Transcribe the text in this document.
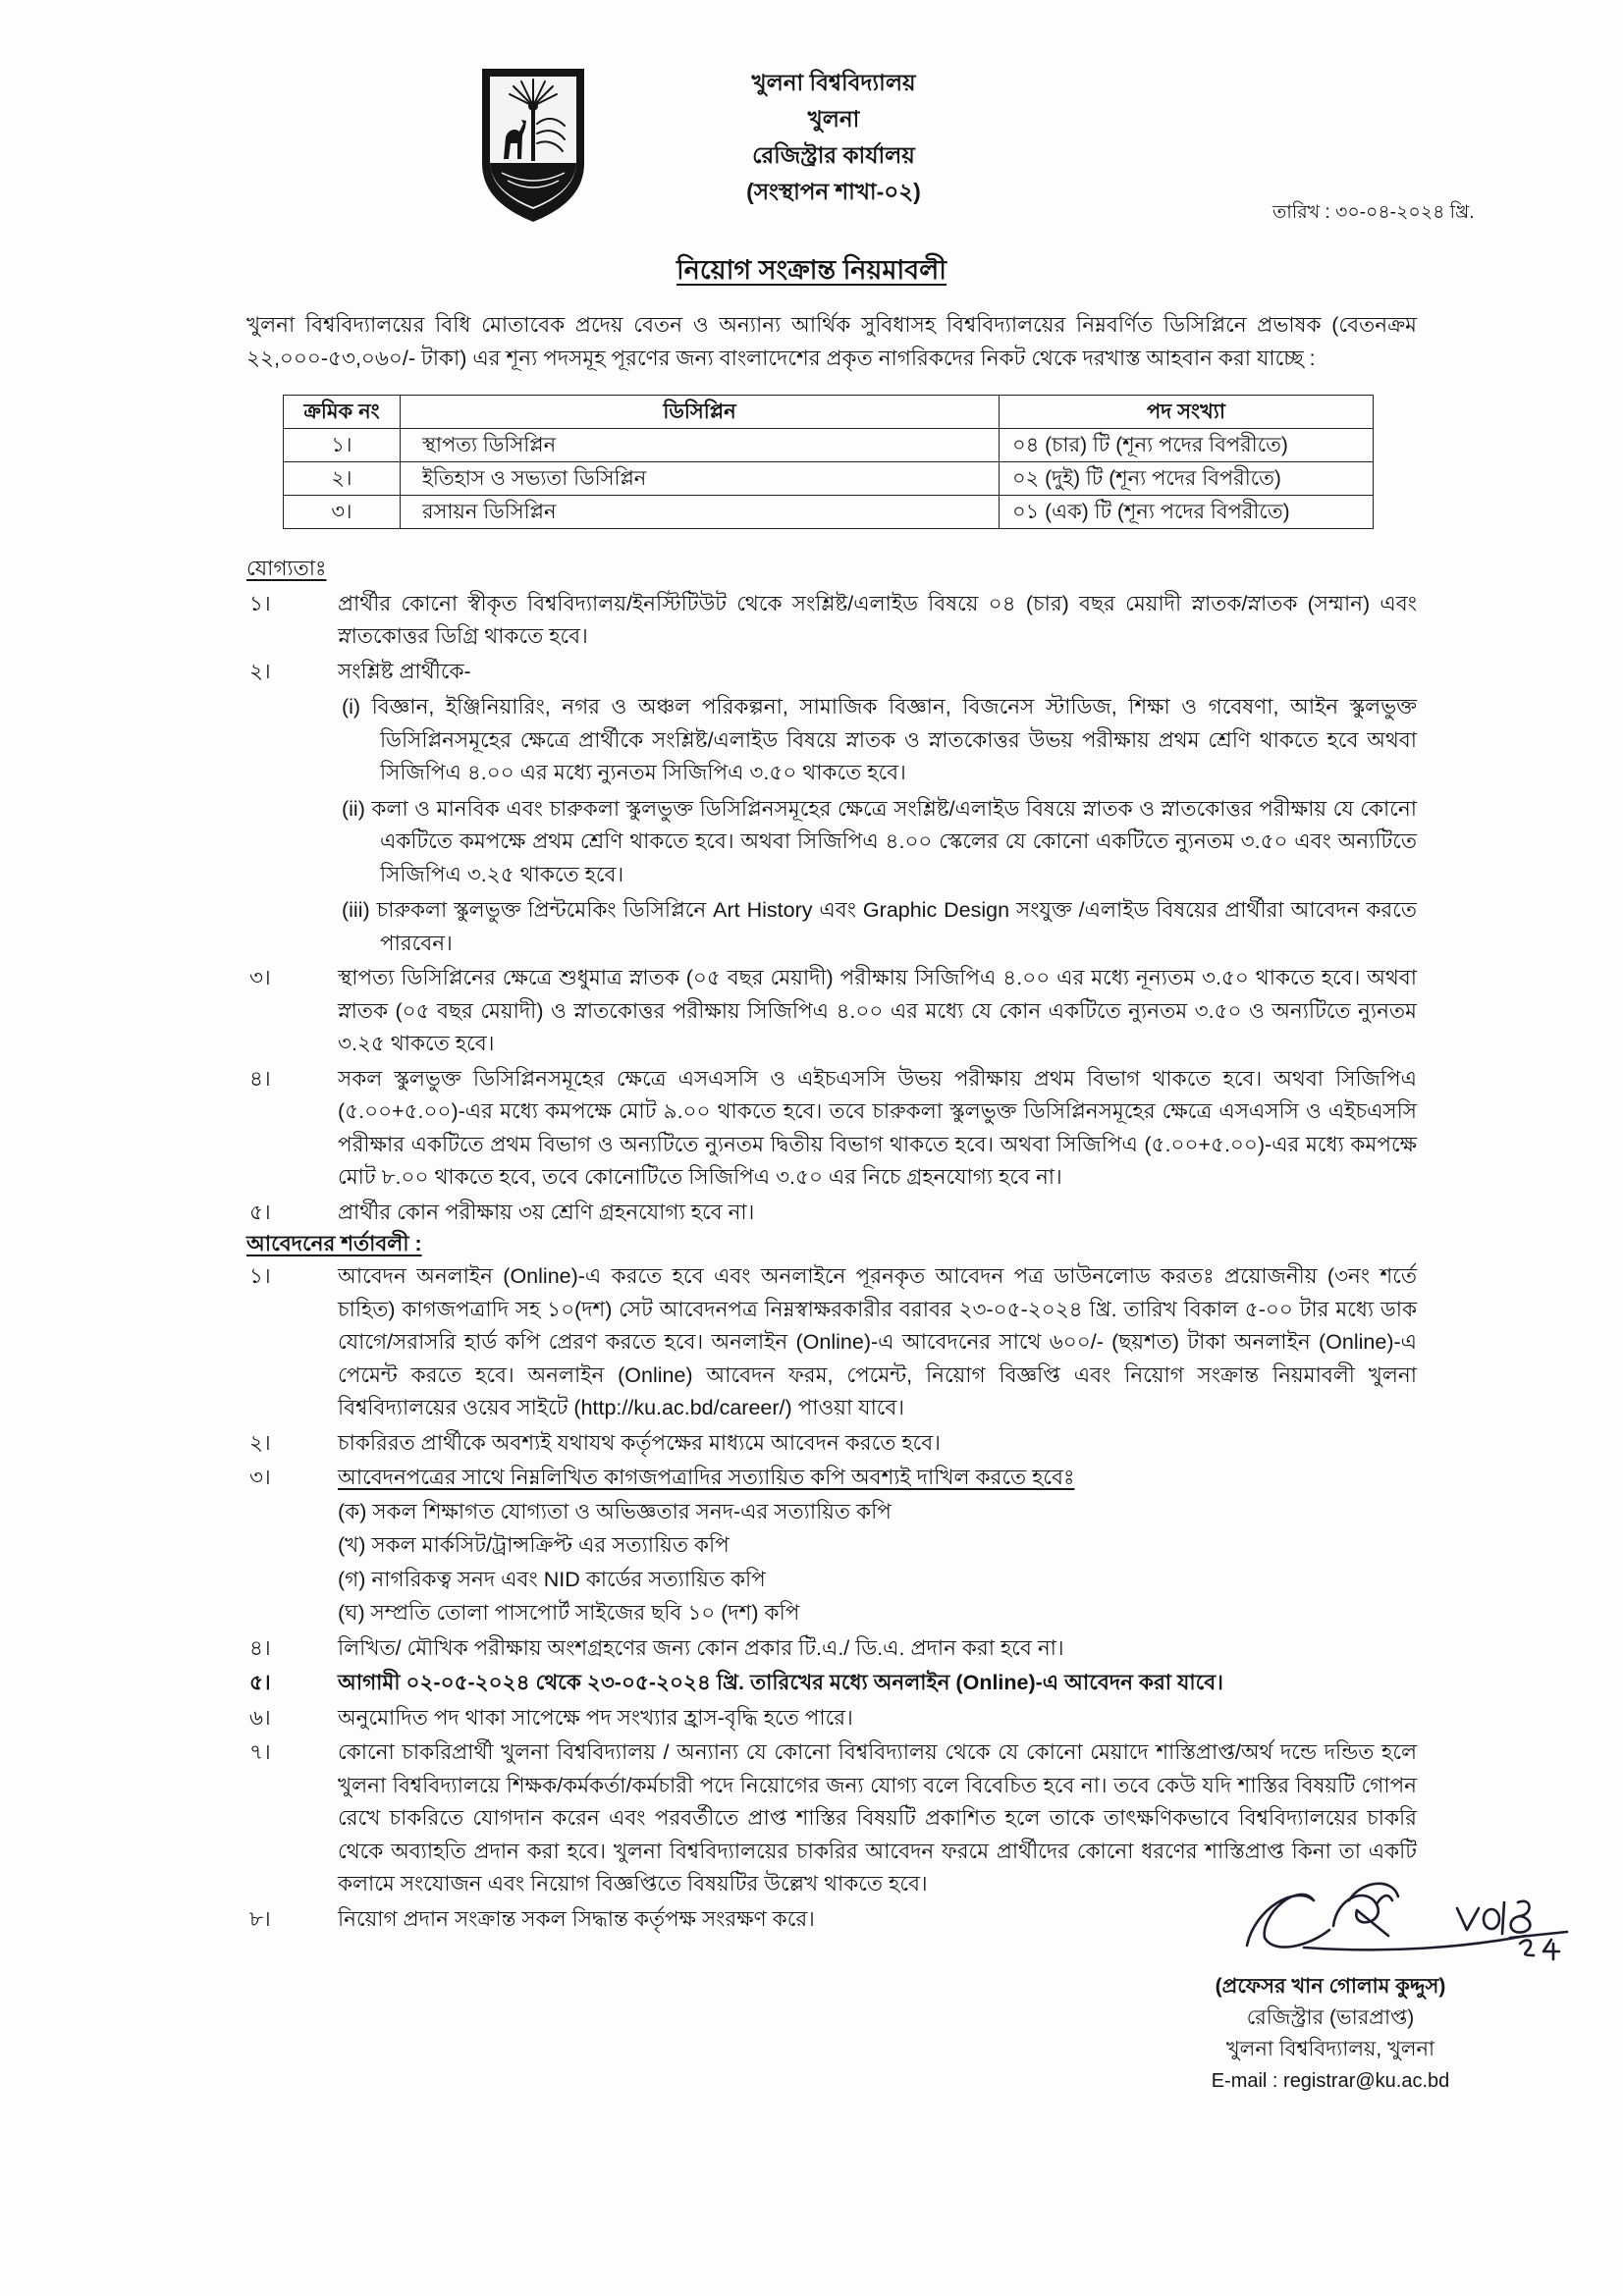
খুলনা বিশ্ববিদ্যালয়
খুলনা
রেজিস্ট্রার কার্যালয়
(সংস্থাপন শাখা-০২)
তারিখ : ৩০-০৪-২০২৪ খ্রি.
নিয়োগ সংক্রান্ত নিয়মাবলী

খুলনা বিশ্ববিদ্যালয়ের বিধি মোতাবেক প্রদেয় বেতন ও অন্যান্য আর্থিক সুবিধাসহ বিশ্ববিদ্যালয়ের নিম্নবর্ণিত ডিসিপ্লিনে প্রভাষক (বেতনক্রম ২২,০০০-৫৩,০৬০/- টাকা) এর শূন্য পদসমূহ পূরণের জন্য বাংলাদেশের প্রকৃত নাগরিকদের নিকট থেকে দরখাস্ত আহবান করা যাচ্ছে :

ক্রমিক নং	ডিসিপ্লিন	পদ সংখ্যা
১।	স্থাপত্য ডিসিপ্লিন	০৪ (চার) টি (শূন্য পদের বিপরীতে)
২।	ইতিহাস ও সভ্যতা ডিসিপ্লিন	০২ (দুই) টি (শূন্য পদের বিপরীতে)
৩।	রসায়ন ডিসিপ্লিন	০১ (এক) টি (শূন্য পদের বিপরীতে)
যোগ্যতাঃ
১।	প্রার্থীর কোনো স্বীকৃত বিশ্ববিদ্যালয়/ইনস্টিটিউট থেকে সংশ্লিষ্ট/এলাইড বিষয়ে ০৪ (চার) বছর মেয়াদী স্নাতক/স্নাতক (সম্মান) এবং স্নাতকোত্তর ডিগ্রি থাকতে হবে।
২।	সংশ্লিষ্ট প্রার্থীকে-
(i) বিজ্ঞান, ইঞ্জিনিয়ারিং, নগর ও অঞ্চল পরিকল্পনা, সামাজিক বিজ্ঞান, বিজনেস স্টাডিজ, শিক্ষা ও গবেষণা, আইন স্কুলভুক্ত ডিসিপ্লিনসমূহের ক্ষেত্রে প্রার্থীকে সংশ্লিষ্ট/এলাইড বিষয়ে স্নাতক ও স্নাতকোত্তর উভয় পরীক্ষায় প্রথম শ্রেণি থাকতে হবে অথবা সিজিপিএ ৪.০০ এর মধ্যে ন্যুনতম সিজিপিএ ৩.৫০ থাকতে হবে।
(ii) কলা ও মানবিক এবং চারুকলা স্কুলভুক্ত ডিসিপ্লিনসমূহের ক্ষেত্রে সংশ্লিষ্ট/এলাইড বিষয়ে স্নাতক ও স্নাতকোত্তর পরীক্ষায় যে কোনো একটিতে কমপক্ষে প্রথম শ্রেণি থাকতে হবে। অথবা সিজিপিএ ৪.০০ স্কেলের যে কোনো একটিতে ন্যুনতম ৩.৫০ এবং অন্যটিতে সিজিপিএ ৩.২৫ থাকতে হবে।
(iii) চারুকলা স্কুলভুক্ত প্রিন্টমেকিং ডিসিপ্লিনে Art History এবং Graphic Design সংযুক্ত /এলাইড বিষয়ের প্রার্থীরা আবেদন করতে পারবেন।
৩।	স্থাপত্য ডিসিপ্লিনের ক্ষেত্রে শুধুমাত্র স্নাতক (০৫ বছর মেয়াদী) পরীক্ষায় সিজিপিএ ৪.০০ এর মধ্যে নূন্যতম ৩.৫০ থাকতে হবে। অথবা স্নাতক (০৫ বছর মেয়াদী) ও স্নাতকোত্তর পরীক্ষায় সিজিপিএ ৪.০০ এর মধ্যে যে কোন একটিতে ন্যুনতম ৩.৫০ ও অন্যটিতে ন্যুনতম ৩.২৫ থাকতে হবে।
৪।	সকল স্কুলভুক্ত ডিসিপ্লিনসমূহের ক্ষেত্রে এসএসসি ও এইচএসসি উভয় পরীক্ষায় প্রথম বিভাগ থাকতে হবে। অথবা সিজিপিএ (৫.০০+৫.০০)-এর মধ্যে কমপক্ষে মোট ৯.০০ থাকতে হবে। তবে চারুকলা স্কুলভুক্ত ডিসিপ্লিনসমূহের ক্ষেত্রে এসএসসি ও এইচএসসি পরীক্ষার একটিতে প্রথম বিভাগ ও অন্যটিতে ন্যুনতম দ্বিতীয় বিভাগ থাকতে হবে। অথবা সিজিপিএ (৫.০০+৫.০০)-এর মধ্যে কমপক্ষে মোট ৮.০০ থাকতে হবে, তবে কোনোটিতে সিজিপিএ ৩.৫০ এর নিচে গ্রহনযোগ্য হবে না।
৫।	প্রার্থীর কোন পরীক্ষায় ৩য় শ্রেণি গ্রহনযোগ্য হবে না।
আবেদনের শর্তাবলী :
১।	আবেদন অনলাইন (Online)-এ করতে হবে এবং অনলাইনে পূরনকৃত আবেদন পত্র ডাউনলোড করতঃ প্রয়োজনীয় (৩নং শর্তে চাহিত) কাগজপত্রাদি সহ ১০(দশ) সেট আবেদনপত্র নিম্নস্বাক্ষরকারীর বরাবর ২৩-০৫-২০২৪ খ্রি. তারিখ বিকাল ৫-০০ টার মধ্যে ডাক যোগে/সরাসরি হার্ড কপি প্রেরণ করতে হবে। অনলাইন (Online)-এ আবেদনের সাথে ৬০০/- (ছয়শত) টাকা অনলাইন (Online)-এ পেমেন্ট করতে হবে। অনলাইন (Online) আবেদন ফরম, পেমেন্ট, নিয়োগ বিজ্ঞপ্তি এবং নিয়োগ সংক্রান্ত নিয়মাবলী খুলনা বিশ্ববিদ্যালয়ের ওয়েব সাইটে (http://ku.ac.bd/career/) পাওয়া যাবে।
২।	চাকরিরত প্রার্থীকে অবশ্যই যথাযথ কর্তৃপক্ষের মাধ্যমে আবেদন করতে হবে।
৩।	আবেদনপত্রের সাথে নিম্নলিখিত কাগজপত্রাদির সত্যায়িত কপি অবশ্যই দাখিল করতে হবেঃ
(ক) সকল শিক্ষাগত যোগ্যতা ও অভিজ্ঞতার সনদ-এর সত্যায়িত কপি
(খ) সকল মার্কসিট/ট্রান্সক্রিপ্ট এর সত্যায়িত কপি
(গ) নাগরিকত্ব সনদ এবং NID কার্ডের সত্যায়িত কপি
(ঘ) সম্প্রতি তোলা পাসপোর্ট সাইজের ছবি ১০ (দশ) কপি
৪।	লিখিত/ মৌখিক পরীক্ষায় অংশগ্রহণের জন্য কোন প্রকার টি.এ./ ডি.এ. প্রদান করা হবে না।
৫।	আগামী ০২-০৫-২০২৪ থেকে ২৩-০৫-২০২৪ খ্রি. তারিখের মধ্যে অনলাইন (Online)-এ আবেদন করা যাবে।
৬।	অনুমোদিত পদ থাকা সাপেক্ষে পদ সংখ্যার হ্রাস-বৃদ্ধি হতে পারে।
৭।	কোনো চাকরিপ্রার্থী খুলনা বিশ্ববিদ্যালয় / অন্যান্য যে কোনো বিশ্ববিদ্যালয় থেকে যে কোনো মেয়াদে শাস্তিপ্রাপ্ত/অর্থ দন্ডে দন্ডিত হলে খুলনা বিশ্ববিদ্যালয়ে শিক্ষক/কর্মকর্তা/কর্মচারী পদে নিয়োগের জন্য যোগ্য বলে বিবেচিত হবে না। তবে কেউ যদি শাস্তির বিষয়টি গোপন রেখে চাকরিতে যোগদান করেন এবং পরবর্তীতে প্রাপ্ত শাস্তির বিষয়টি প্রকাশিত হলে তাকে তাৎক্ষণিকভাবে বিশ্ববিদ্যালয়ের চাকরি থেকে অব্যাহতি প্রদান করা হবে। খুলনা বিশ্ববিদ্যালয়ের চাকরির আবেদন ফরমে প্রার্থীদের কোনো ধরণের শাস্তিপ্রাপ্ত কিনা তা একটি কলামে সংযোজন এবং নিয়োগ বিজ্ঞপ্তিতে বিষয়টির উল্লেখ থাকতে হবে।
৮।	নিয়োগ প্রদান সংক্রান্ত সকল সিদ্ধান্ত কর্তৃপক্ষ সংরক্ষণ করে।
(প্রফেসর খান গোলাম কুদ্দুস)
রেজিস্ট্রার (ভারপ্রাপ্ত)
খুলনা বিশ্ববিদ্যালয়, খুলনা
E-mail : registrar@ku.ac.bd
